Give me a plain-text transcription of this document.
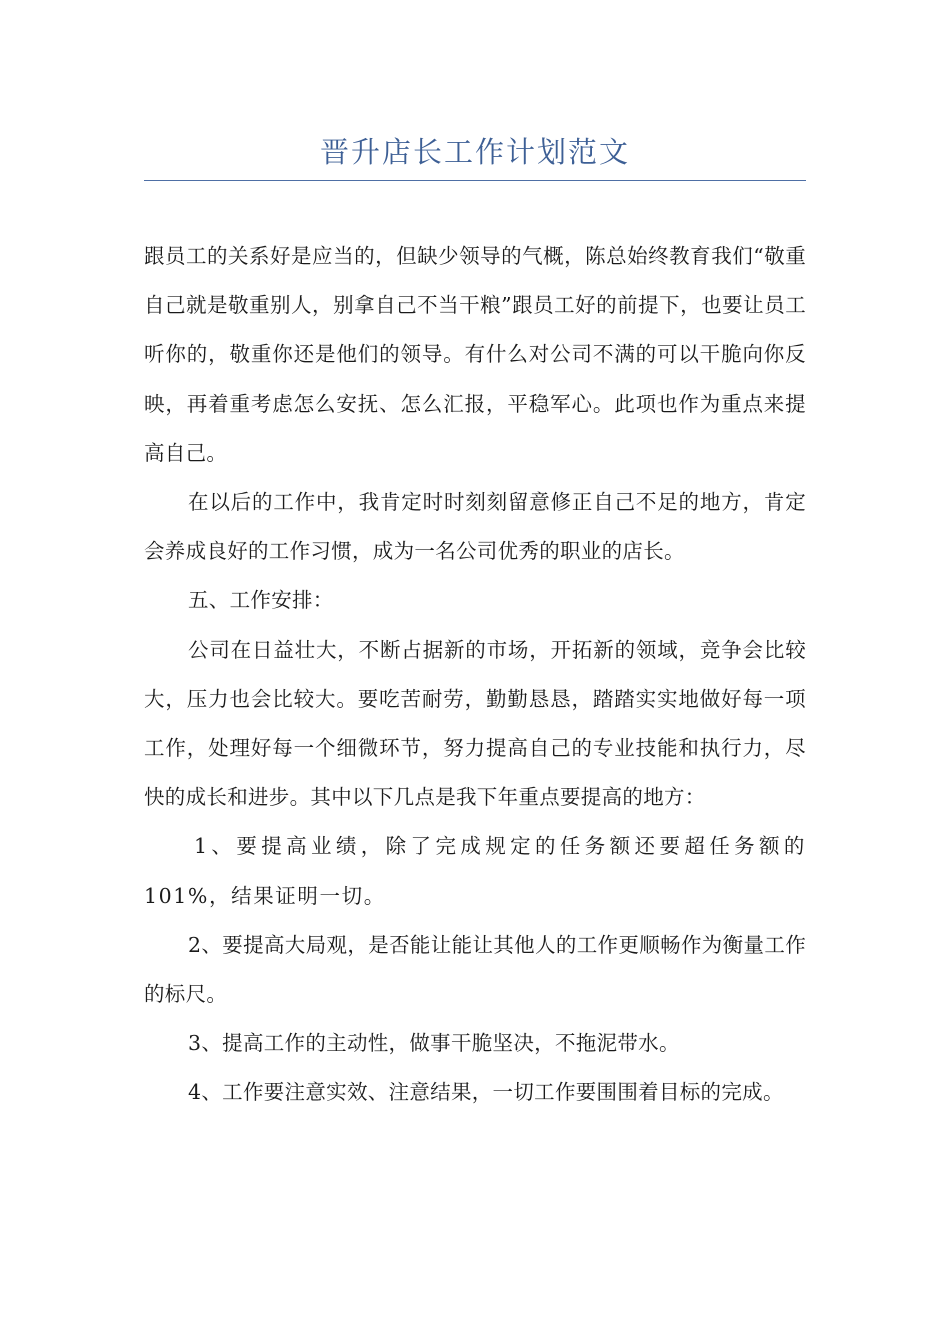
晋升店长工作计划范文

跟员工的关系好是应当的，但缺少领导的气概，陈总始终教育我们“敬重自己就是敬重别人，别拿自己不当干粮”跟员工好的前提下，也要让员工听你的，敬重你还是他们的领导。有什么对公司不满的可以干脆向你反映，再着重考虑怎么安抚、怎么汇报，平稳军心。此项也作为重点来提高自己。

在以后的工作中，我肯定时时刻刻留意修正自己不足的地方，肯定会养成良好的工作习惯，成为一名公司优秀的职业的店长。

五、工作安排：

公司在日益壮大，不断占据新的市场，开拓新的领域，竞争会比较大，压力也会比较大。要吃苦耐劳，勤勤恳恳，踏踏实实地做好每一项工作，处理好每一个细微环节，努力提高自己的专业技能和执行力，尽快的成长和进步。其中以下几点是我下年重点要提高的地方：

1、要提高业绩，除了完成规定的任务额还要超任务额的101%，结果证明一切。

2、要提高大局观，是否能让能让其他人的工作更顺畅作为衡量工作的标尺。

3、提高工作的主动性，做事干脆坚决，不拖泥带水。

4、工作要注意实效、注意结果，一切工作要围围着目标的完成。
